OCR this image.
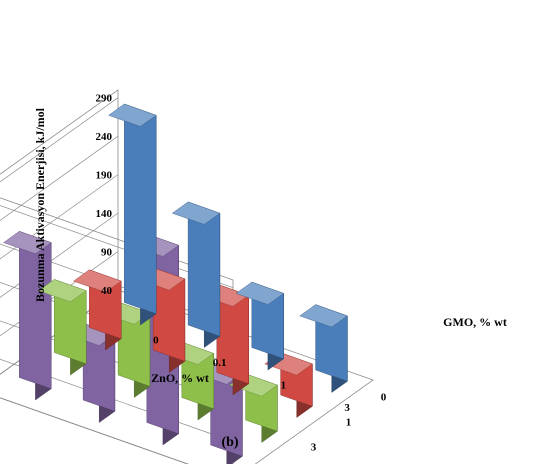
40
90
140
190
240
290
0
0.1
1
3
0
1
3
Bozunma Aktivasyon Enerjisi, kJ/mol
ZnO, % wt
GMO, % wt
(b)
